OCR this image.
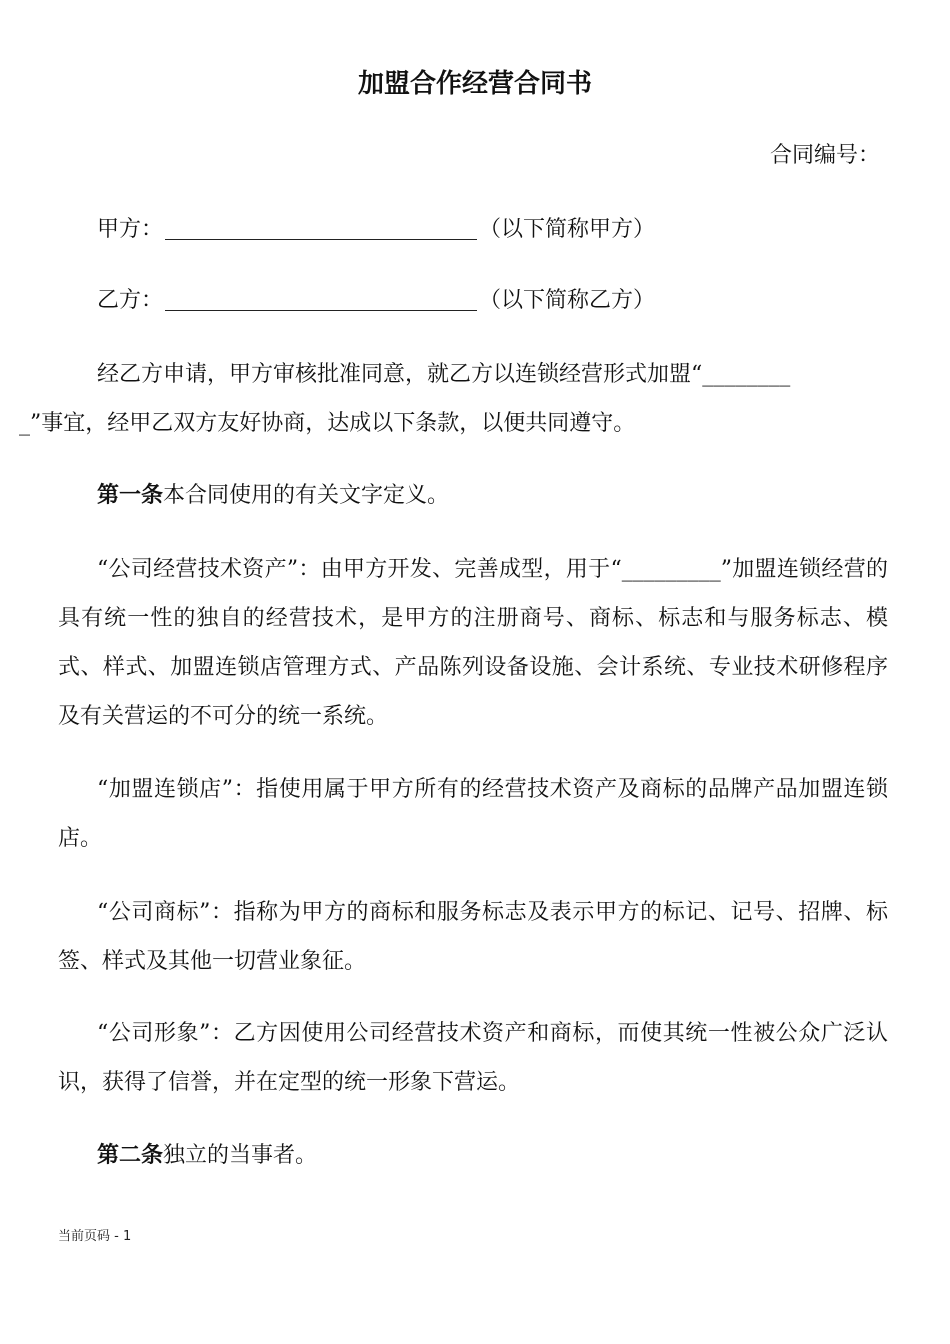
加盟合作经营合同书
合同编号：
甲方：	（以下简称甲方）
乙方：	（以下简称乙方）
经乙方申请，甲方审核批准同意，就乙方以连锁经营形式加盟“________
_”事宜，经甲乙双方友好协商，达成以下条款，以便共同遵守。
第一条本合同使用的有关文字定义。
“公司经营技术资产”：由甲方开发、完善成型，用于“_________”加盟连锁经营的具有统一性的独自的经营技术，是甲方的注册商号、商标、标志和与服务标志、模式、样式、加盟连锁店管理方式、产品陈列设备设施、会计系统、专业技术研修程序及有关营运的不可分的统一系统。
“加盟连锁店”：指使用属于甲方所有的经营技术资产及商标的品牌产品加盟连锁店。
“公司商标”：指称为甲方的商标和服务标志及表示甲方的标记、记号、招牌、标签、样式及其他一切营业象征。
“公司形象”：乙方因使用公司经营技术资产和商标，而使其统一性被公众广泛认识，获得了信誉，并在定型的统一形象下营运。
第二条独立的当事者。
当前页码 - 1
